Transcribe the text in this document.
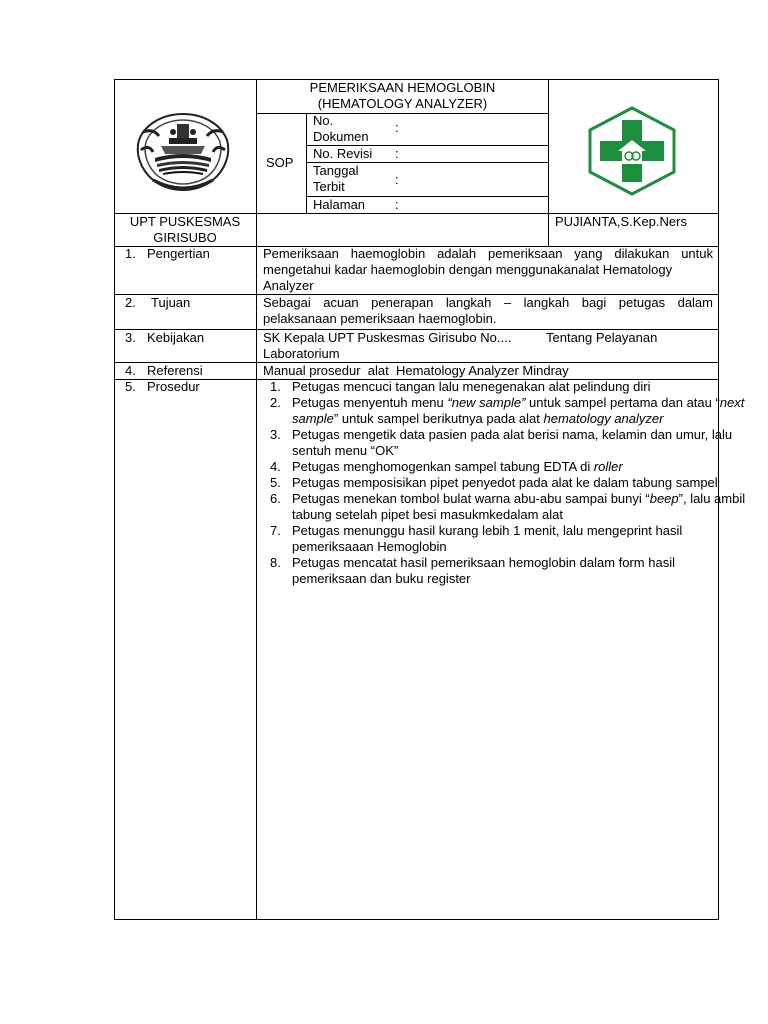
PEMERIKSAAN HEMOGLOBIN
(HEMATOLOGY ANALYZER)
SOP
No.
Dokumen
:
No. Revisi :
Tanggal
Terbit	:
Halaman :
UPT PUSKESMAS
GIRISUBO
PUJIANTA,S.Kep.Ners
1. Pengertian
2. Tujuan
3. Kebijakan
4. Referensi
5. Prosedur
Pemeriksaan haemoglobin adalah pemeriksaan yang dilakukan untuk
mengetahui kadar haemoglobin dengan menggunakanalat Hematology
Analyzer
Sebagai acuan penerapan langkah – langkah bagi petugas dalam
pelaksanaan pemeriksaan haemoglobin.
SK Kepala UPT Puskesmas Girisubo No....	Tentang Pelayanan
Laboratorium
Manual prosedur  alat  Hematology Analyzer Mindray
1. Petugas mencuci tangan lalu menegenakan alat pelindung diri
2. Petugas menyentuh menu “new sample” untuk sampel pertama dan atau “next sample” untuk sampel berikutnya pada alat hematology analyzer
3. Petugas mengetik data pasien pada alat berisi nama, kelamin dan umur, lalu sentuh menu “OK”
4. Petugas menghomogenkan sampel tabung EDTA di roller
5. Petugas memposisikan pipet penyedot pada alat ke dalam tabung sampel
6. Petugas menekan tombol bulat warna abu-abu sampai bunyi “beep”, lalu ambil tabung setelah pipet besi masukmkedalam alat
7. Petugas menunggu hasil kurang lebih 1 menit, lalu mengeprint hasil pemeriksaaan Hemoglobin
8. Petugas mencatat hasil pemeriksaan hemoglobin dalam form hasil pemeriksaan dan buku register
